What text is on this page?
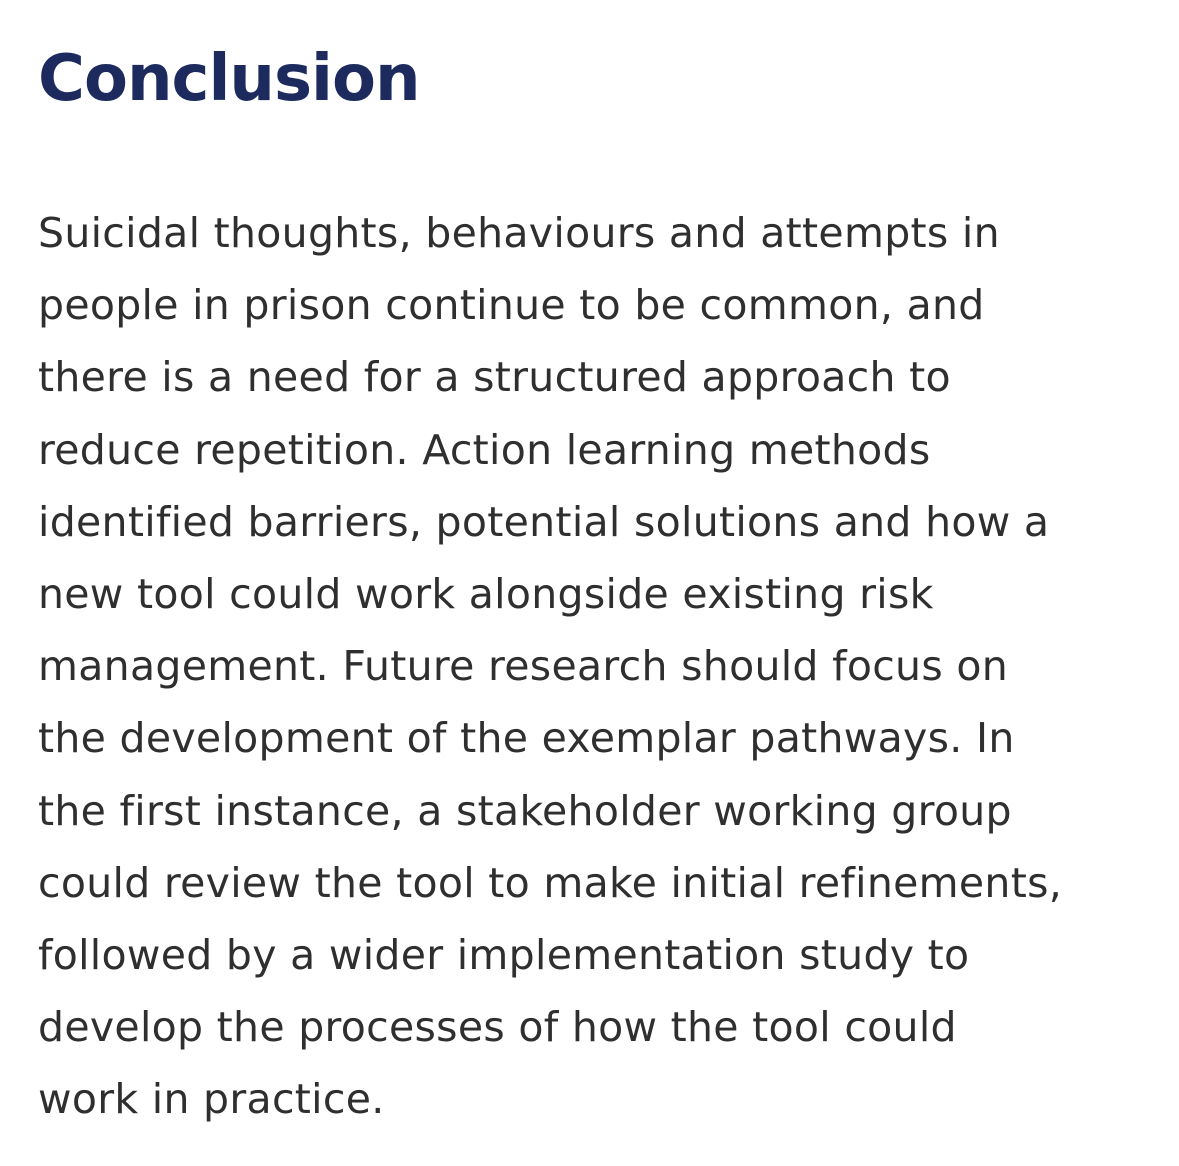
Conclusion
Suicidal thoughts, behaviours and attempts in
people in prison continue to be common, and
there is a need for a structured approach to
reduce repetition. Action learning methods
identified barriers, potential solutions and how a
new tool could work alongside existing risk
management. Future research should focus on
the development of the exemplar pathways. In
the first instance, a stakeholder working group
could review the tool to make initial refinements,
followed by a wider implementation study to
develop the processes of how the tool could
work in practice.
